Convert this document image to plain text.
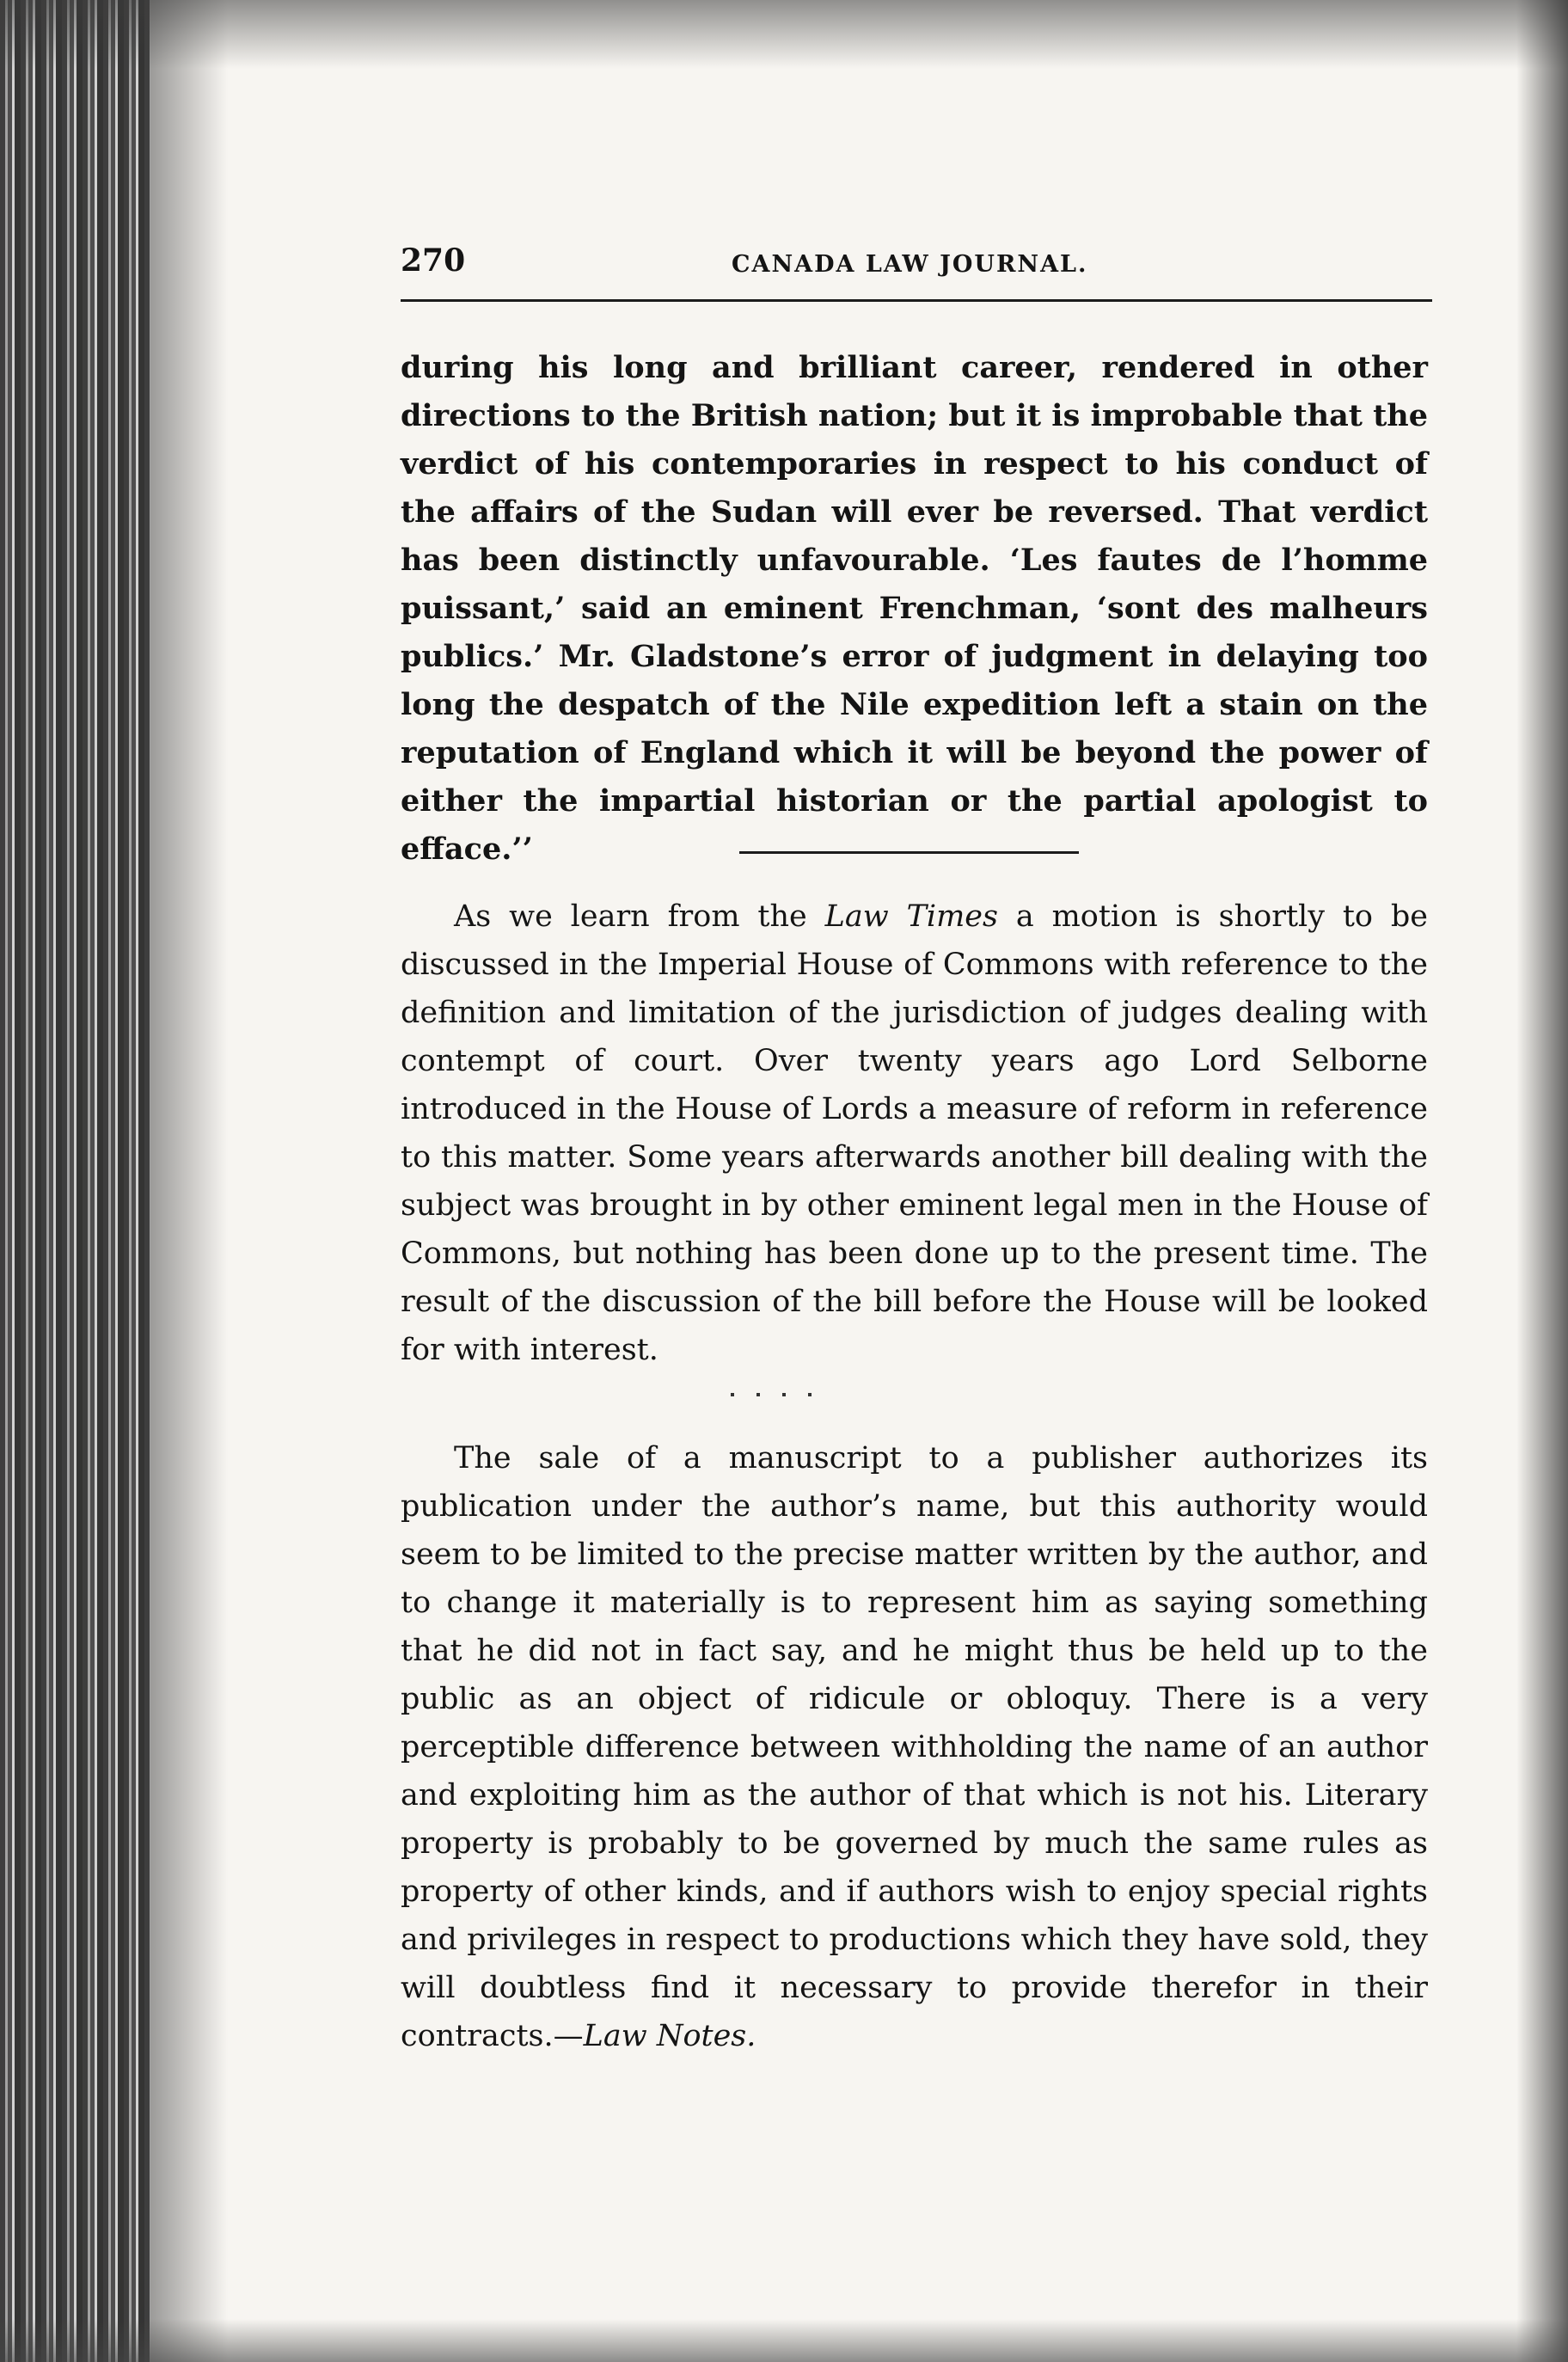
270	CANADA LAW JOURNAL.

during his long and brilliant career, rendered in other directions to the British nation; but it is improbable that the verdict of his contemporaries in respect to his conduct of the affairs of the Sudan will ever be reversed. That verdict has been distinctly unfavourable. ‘Les fautes de l’homme puissant,’ said an eminent Frenchman, ‘sont des malheurs publics.’ Mr. Gladstone’s error of judgment in delaying too long the despatch of the Nile expedition left a stain on the reputation of England which it will be beyond the power of either the impartial historian or the partial apologist to efface.’’

As we learn from the Law Times a motion is shortly to be discussed in the Imperial House of Commons with reference to the definition and limitation of the jurisdiction of judges dealing with contempt of court. Over twenty years ago Lord Selborne introduced in the House of Lords a measure of reform in reference to this matter. Some years afterwards another bill dealing with the subject was brought in by other eminent legal men in the House of Commons, but nothing has been done up to the present time. The result of the discussion of the bill before the House will be looked for with interest.

The sale of a manuscript to a publisher authorizes its publication under the author’s name, but this authority would seem to be limited to the precise matter written by the author, and to change it materially is to represent him as saying something that he did not in fact say, and he might thus be held up to the public as an object of ridicule or obloquy. There is a very perceptible difference between withholding the name of an author and exploiting him as the author of that which is not his. Literary property is probably to be governed by much the same rules as property of other kinds, and if authors wish to enjoy special rights and privileges in respect to productions which they have sold, they will doubtless find it necessary to provide therefor in their contracts.—Law Notes.
